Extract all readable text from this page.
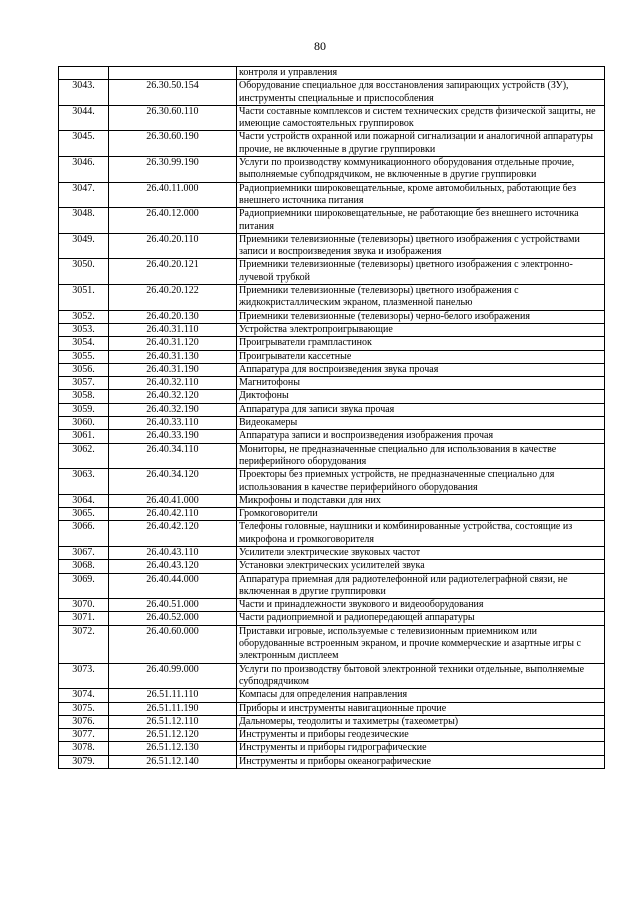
80
		контроля и управления
3043.	26.30.50.154	Оборудование специальное для восстановления запирающих устройств (ЗУ), инструменты специальные и приспособления
3044.	26.30.60.110	Части составные комплексов и систем технических средств физической защиты, не имеющие самостоятельных группировок
3045.	26.30.60.190	Части устройств охранной или пожарной сигнализации и аналогичной аппаратуры прочие, не включенные в другие группировки
3046.	26.30.99.190	Услуги по производству коммуникационного оборудования отдельные прочие, выполняемые субподрядчиком, не включенные в другие группировки
3047.	26.40.11.000	Радиоприемники широковещательные, кроме автомобильных, работающие без внешнего источника питания
3048.	26.40.12.000	Радиоприемники широковещательные, не работающие без внешнего источника питания
3049.	26.40.20.110	Приемники телевизионные (телевизоры) цветного изображения с устройствами записи и воспроизведения звука и изображения
3050.	26.40.20.121	Приемники телевизионные (телевизоры) цветного изображения с электронно-лучевой трубкой
3051.	26.40.20.122	Приемники телевизионные (телевизоры) цветного изображения с жидкокристаллическим экраном, плазменной панелью
3052.	26.40.20.130	Приемники телевизионные (телевизоры) черно-белого изображения
3053.	26.40.31.110	Устройства электропроигрывающие
3054.	26.40.31.120	Проигрыватели грампластинок
3055.	26.40.31.130	Проигрыватели кассетные
3056.	26.40.31.190	Аппаратура для воспроизведения звука прочая
3057.	26.40.32.110	Магнитофоны
3058.	26.40.32.120	Диктофоны
3059.	26.40.32.190	Аппаратура для записи звука прочая
3060.	26.40.33.110	Видеокамеры
3061.	26.40.33.190	Аппаратура записи и воспроизведения изображения прочая
3062.	26.40.34.110	Мониторы, не предназначенные специально для использования в качестве периферийного оборудования
3063.	26.40.34.120	Проекторы без приемных устройств, не предназначенные специально для использования в качестве периферийного оборудования
3064.	26.40.41.000	Микрофоны и подставки для них
3065.	26.40.42.110	Громкоговорители
3066.	26.40.42.120	Телефоны головные, наушники и комбинированные устройства, состоящие из микрофона и громкоговорителя
3067.	26.40.43.110	Усилители электрические звуковых частот
3068.	26.40.43.120	Установки электрических усилителей звука
3069.	26.40.44.000	Аппаратура приемная для радиотелефонной или радиотелеграфной связи, не включенная в другие группировки
3070.	26.40.51.000	Части и принадлежности звукового и видеооборудования
3071.	26.40.52.000	Части радиоприемной и радиопередающей аппаратуры
3072.	26.40.60.000	Приставки игровые, используемые с телевизионным приемником или оборудованные встроенным экраном, и прочие коммерческие и азартные игры с электронным дисплеем
3073.	26.40.99.000	Услуги по производству бытовой электронной техники отдельные, выполняемые субподрядчиком
3074.	26.51.11.110	Компасы для определения направления
3075.	26.51.11.190	Приборы и инструменты навигационные прочие
3076.	26.51.12.110	Дальномеры, теодолиты и тахиметры (тахеометры)
3077.	26.51.12.120	Инструменты и приборы геодезические
3078.	26.51.12.130	Инструменты и приборы гидрографические
3079.	26.51.12.140	Инструменты и приборы океанографические
